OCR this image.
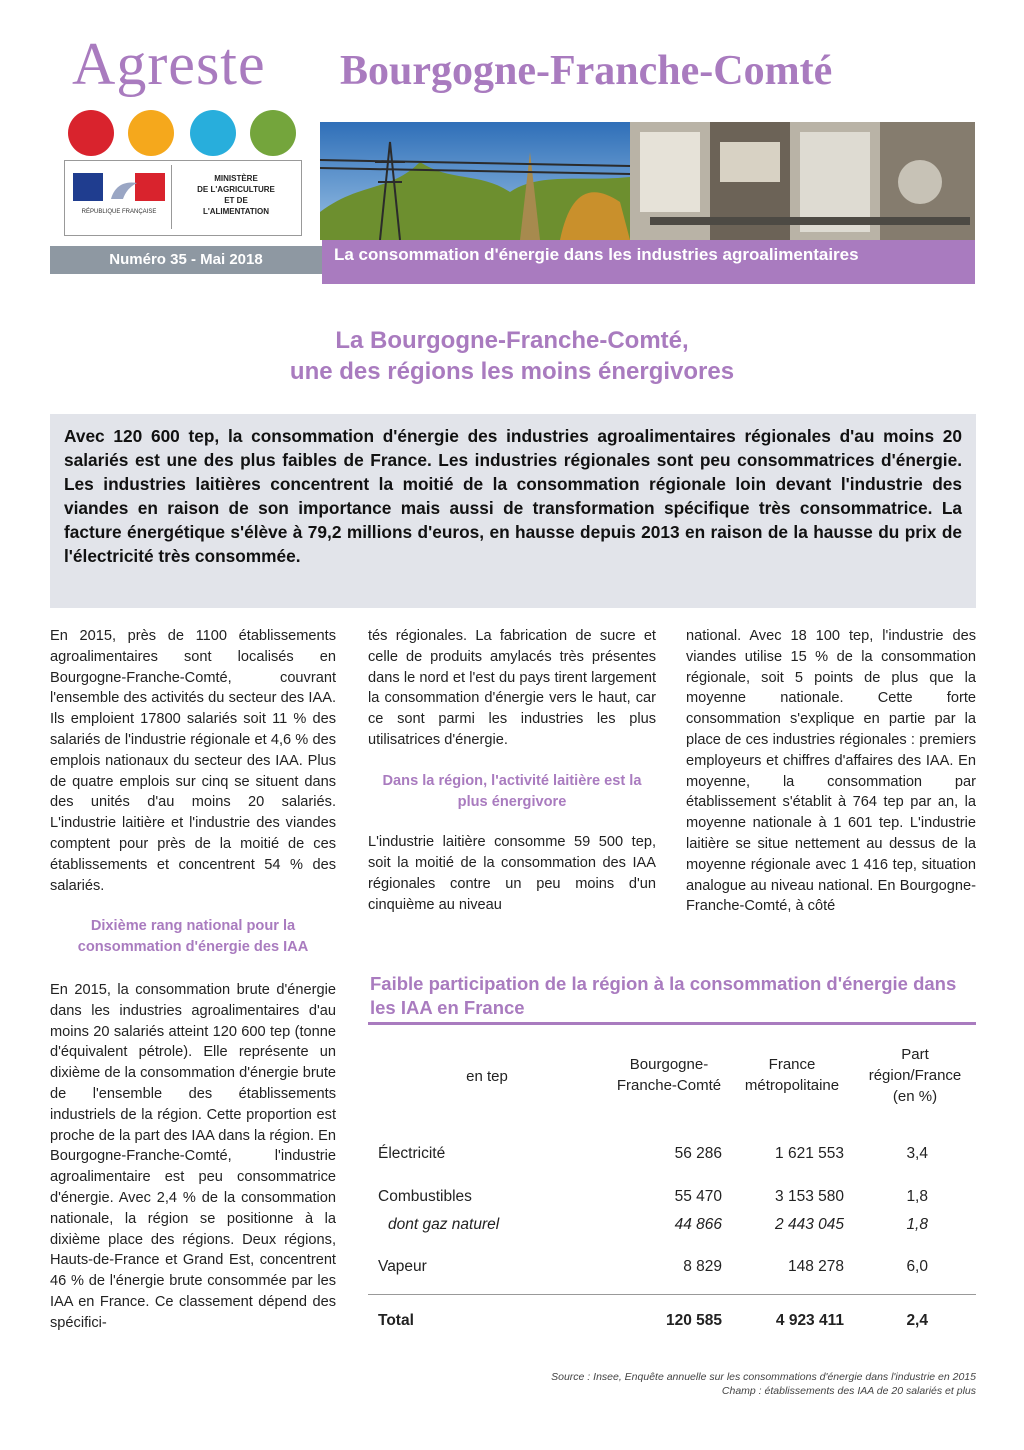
Agreste Bourgogne-Franche-Comté
RÉPUBLIQUE FRANÇAISE
MINISTÈRE
DE L'AGRICULTURE
ET DE
L'ALIMENTATION
Numéro 35 - Mai 2018	La consommation d'énergie dans les industries agroalimentaires
La Bourgogne-Franche-Comté,
une des régions les moins énergivores
Avec 120 600 tep, la consommation d'énergie des industries agroalimentaires régionales d'au moins 20 salariés est une des plus faibles de France. Les industries régionales sont peu consommatrices d'énergie. Les industries laitières concentrent la moitié de la consommation régionale loin devant l'industrie des viandes en raison de son importance mais aussi de transformation spécifique très consommatrice. La facture énergétique s'élève à 79,2 millions d'euros, en hausse depuis 2013 en raison de la hausse du prix de l'électricité très consommée.

En 2015, près de 1100 établissements agroalimentaires sont localisés en Bourgogne-Franche-Comté, couvrant l'ensemble des activités du secteur des IAA. Ils emploient 17800 salariés soit 11 % des salariés de l'industrie régionale et 4,6 % des emplois nationaux du secteur des IAA. Plus de quatre emplois sur cinq se situent dans des unités d'au moins 20 salariés. L'industrie laitière et l'industrie des viandes comptent pour près de la moitié de ces établissements et concentrent 54 % des salariés.

Dixième rang national pour la consommation d'énergie des IAA

En 2015, la consommation brute d'énergie dans les industries agroalimentaires d'au moins 20 salariés atteint 120 600 tep (tonne d'équivalent pétrole). Elle représente un dixième de la consommation d'énergie brute de l'ensemble des établissements industriels de la région. Cette proportion est proche de la part des IAA dans la région. En Bourgogne-Franche-Comté, l'industrie agroalimentaire est peu consommatrice d'énergie. Avec 2,4 % de la consommation nationale, la région se positionne à la dixième place des régions. Deux régions, Hauts-de-France et Grand Est, concentrent 46 % de l'énergie brute consommée par les IAA en France. Ce classement dépend des spécifici-

tés régionales. La fabrication de sucre et celle de produits amylacés très présentes dans le nord et l'est du pays tirent largement la consommation d'énergie vers le haut, car ce sont parmi les industries les plus utilisatrices d'énergie.

Dans la région, l'activité laitière est la plus énergivore

L'industrie laitière consomme 59 500 tep, soit la moitié de la consommation des IAA régionales contre un peu moins d'un cinquième au niveau

national. Avec 18 100 tep, l'industrie des viandes utilise 15 % de la consommation régionale, soit 5 points de plus que la moyenne nationale. Cette forte consommation s'explique en partie par la place de ces industries régionales : premiers employeurs et chiffres d'affaires des IAA. En moyenne, la consommation par établissement s'établit à 764 tep par an, la moyenne nationale à 1 601 tep. L'industrie laitière se situe nettement au dessus de la moyenne régionale avec 1 416 tep, situation analogue au niveau national. En Bourgogne-Franche-Comté, à côté

Faible participation de la région à la consommation d'énergie dans les IAA en France
en tep
Bourgogne-Franche-Comté
France métropolitaine
Part région/France (en %)
Électricité	56 286	1 621 553	3,4
Combustibles	55 470	3 153 580	1,8
dont gaz naturel	44 866	2 443 045	1,8
Vapeur	8 829	148 278	6,0
Total	120 585	4 923 411	2,4
Source : Insee, Enquête annuelle sur les consommations d'énergie dans l'industrie en 2015
Champ : établissements des IAA de 20 salariés et plus
